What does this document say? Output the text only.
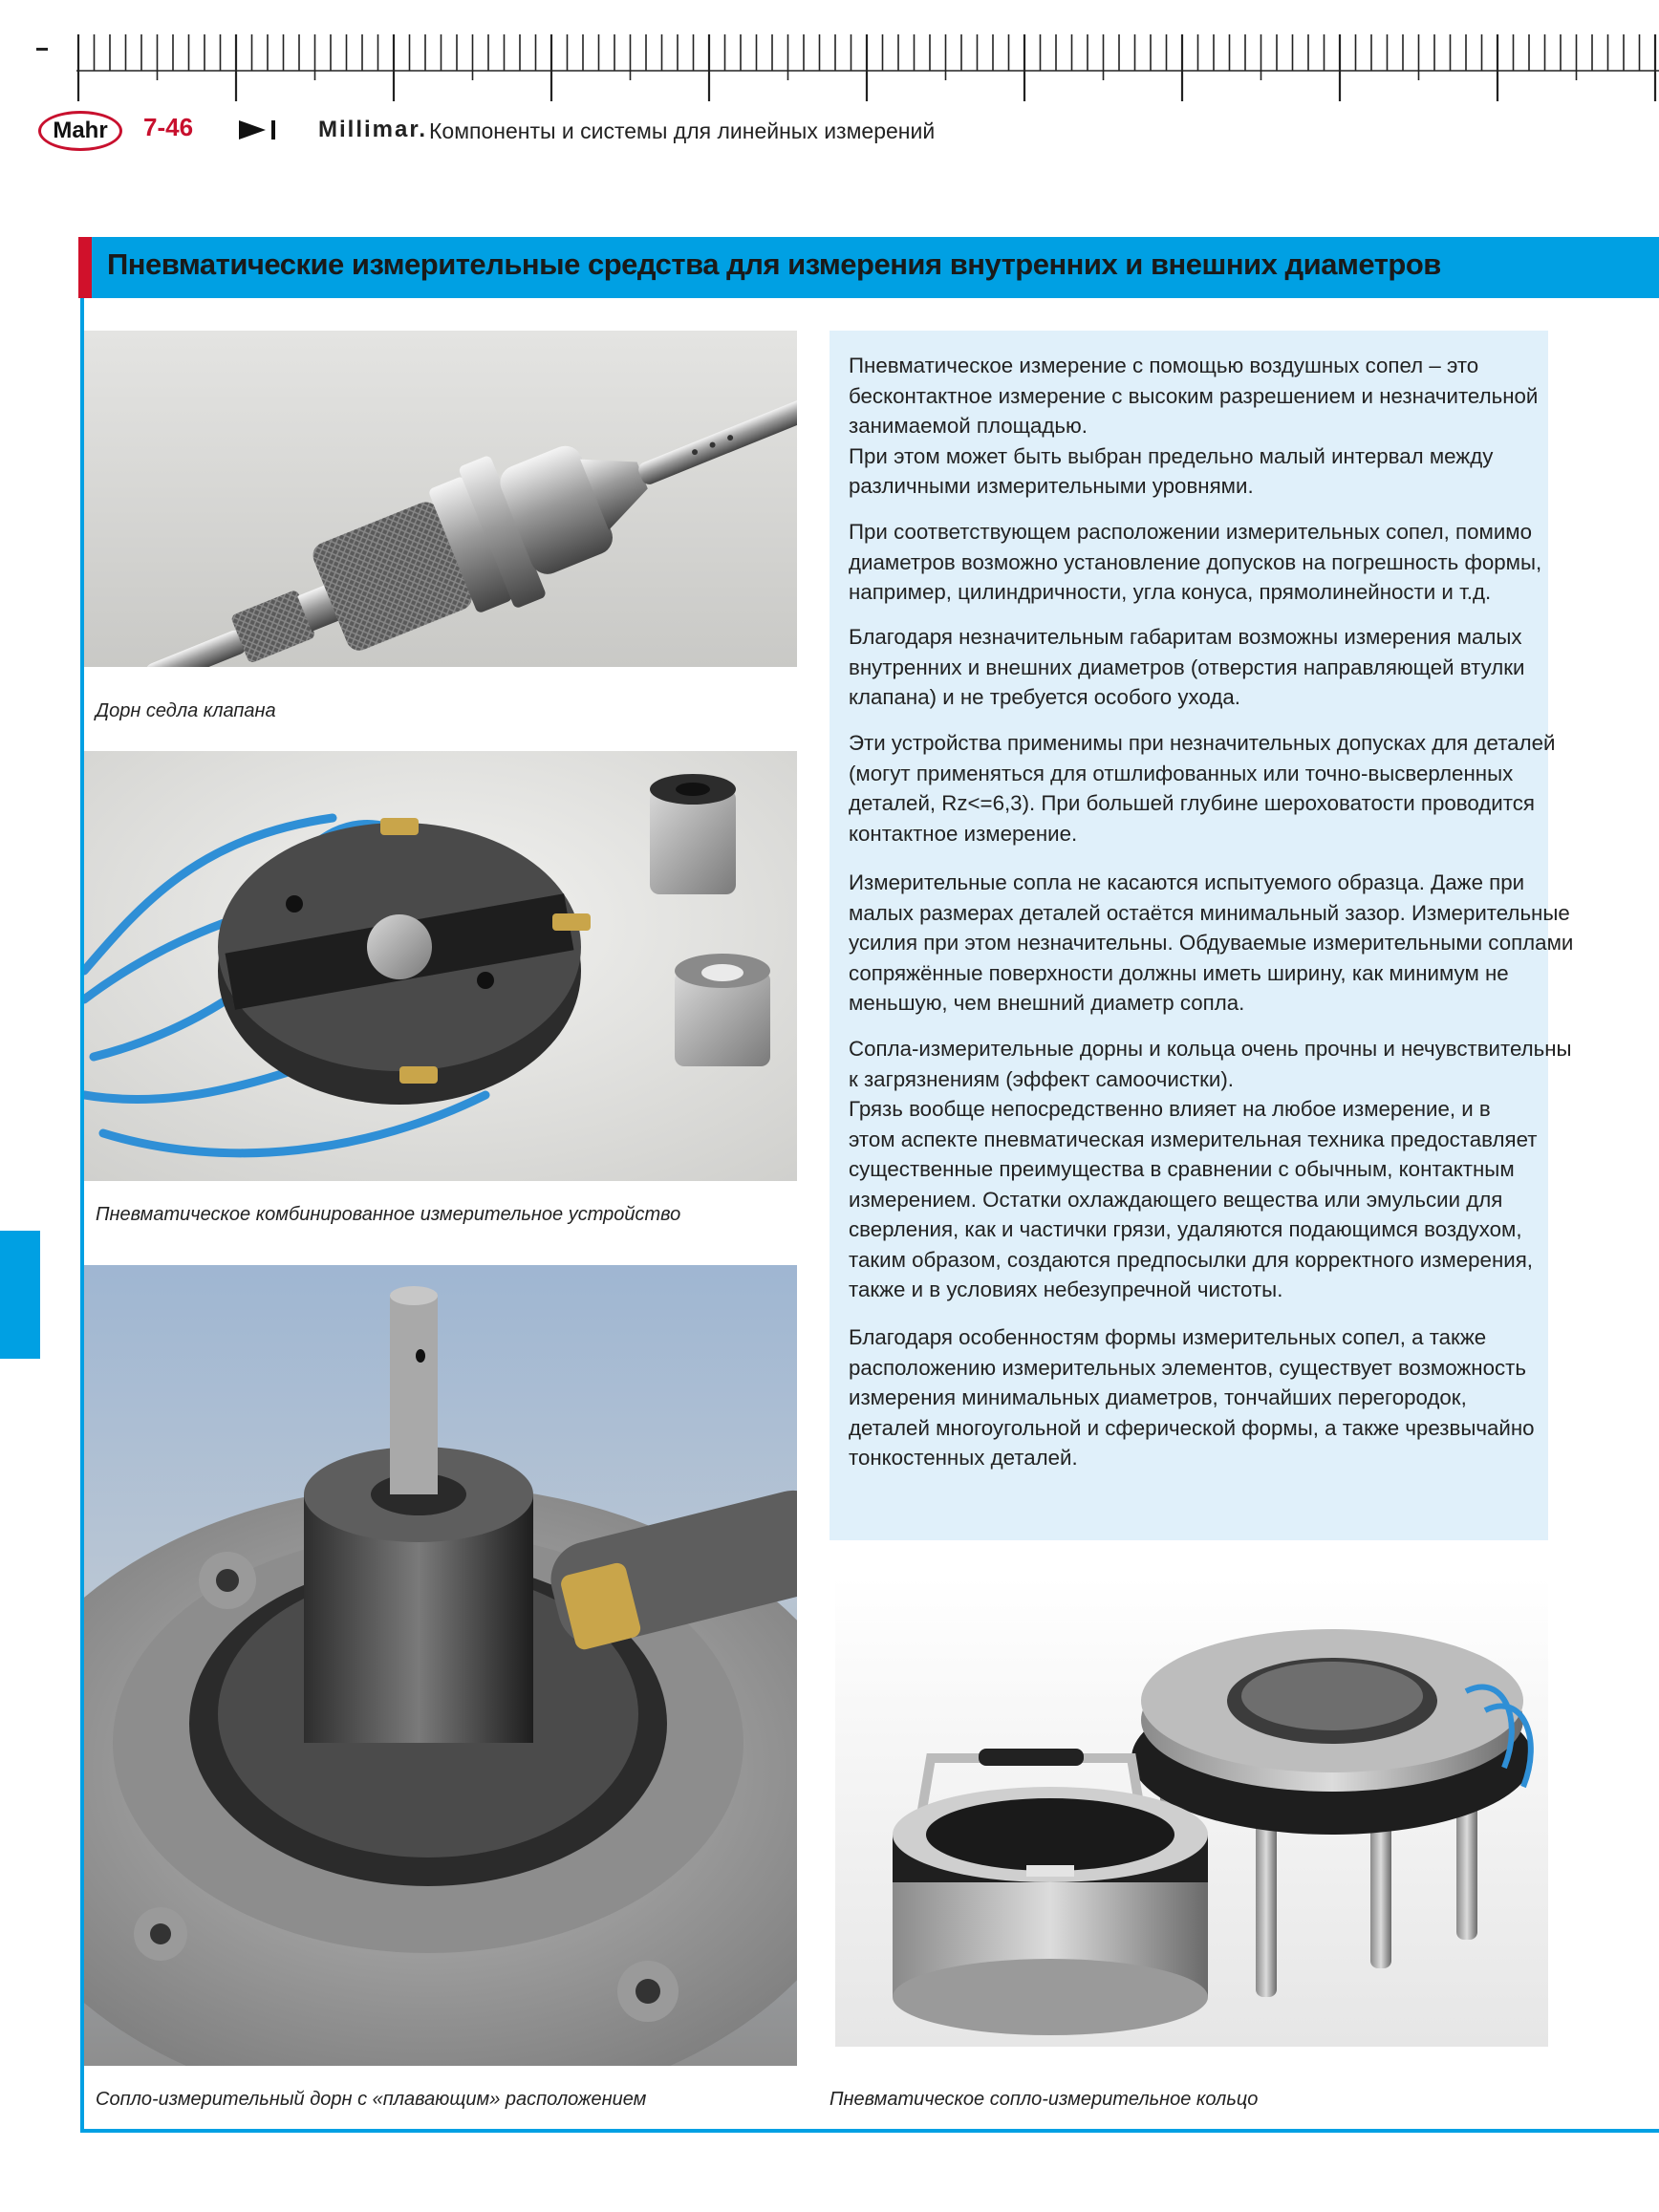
Mahr 7-46	Millimar. Компоненты и системы для линейных измерений
Пневматические измерительные средства для измерения внутренних и внешних диаметров
Дорн седла клапана
Пневматическое комбинированное измерительное устройство
Сопло-измерительный дорн с «плавающим» расположением	Пневматическое сопло-измерительное кольцо
Пневматическое измерение с помощью воздушных сопел – это
бесконтактное измерение с высоким разрешением и незначительной
занимаемой площадью.
При этом может быть выбран предельно малый интервал между
различными измерительными уровнями.
При соответствующем расположении измерительных сопел, помимо
диаметров возможно установление допусков на погрешность формы,
например, цилиндричности, угла конуса, прямолинейности и т.д.
Благодаря незначительным габаритам возможны измерения малых
внутренних и внешних диаметров (отверстия направляющей втулки
клапана) и не требуется особого ухода.
Эти устройства применимы при незначительных допусках для деталей
(могут применяться для отшлифованных или точно-высверленных
деталей, Rz<=6,3). При большей глубине шероховатости проводится
контактное измерение.
Измерительные сопла не касаются испытуемого образца. Даже при
малых размерах деталей остаётся минимальный зазор. Измерительные
усилия при этом незначительны. Обдуваемые измерительными соплами
сопряжённые поверхности должны иметь ширину, как минимум не
меньшую, чем внешний диаметр сопла.
Сопла-измерительные дорны и кольца очень прочны и нечувствительны
к загрязнениям (эффект самоочистки).
Грязь вообще непосредственно влияет на любое измерение, и в
этом аспекте пневматическая измерительная техника предоставляет
существенные преимущества в сравнении с обычным, контактным
измерением. Остатки охлаждающего вещества или эмульсии для
сверления, как и частички грязи, удаляются подающимся воздухом,
таким образом, создаются предпосылки для корректного измерения,
также и в условиях небезупречной чистоты.
Благодаря особенностям формы измерительных сопел, а также
расположению измерительных элементов, существует возможность
измерения минимальных диаметров, тончайших перегородок,
деталей многоугольной и сферической формы, а также чрезвычайно
тонкостенных деталей.
